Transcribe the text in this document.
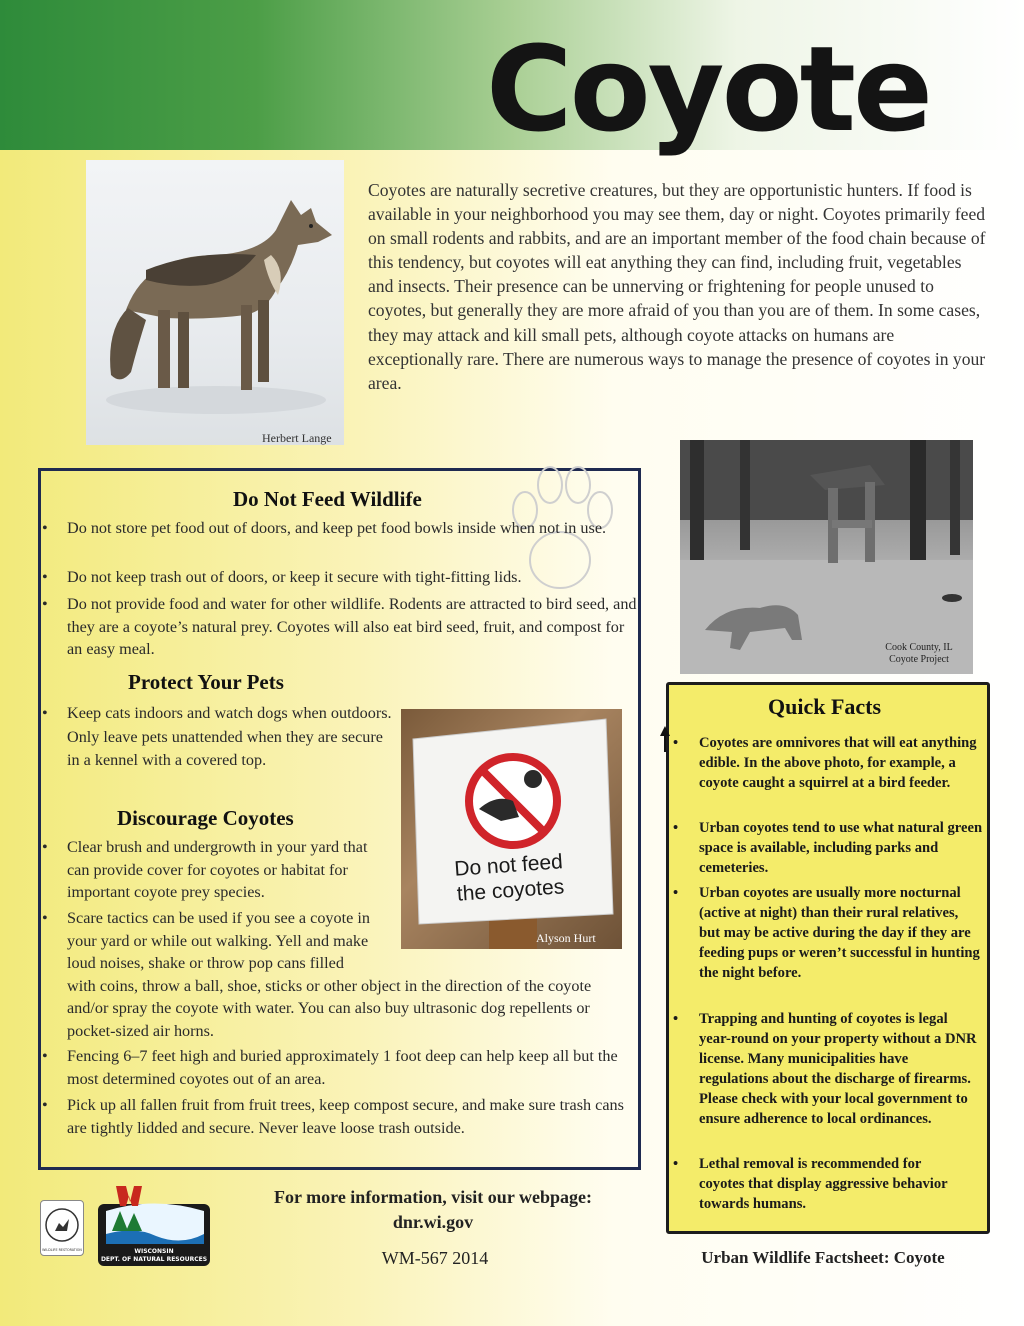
Coyote
Herbert Lange
Coyotes are naturally secretive creatures, but they are opportunistic hunters. If food is available in your neighborhood you may see them, day or night. Coyotes primarily feed on small rodents and rabbits, and are an important member of the food chain because of this tendency, but coyotes will eat anything they can find, including fruit, vegetables and insects. Their presence can be unnerving or frightening for people unused to coyotes, but generally they are more afraid of you than you are of them. In some cases, they may attack and kill small pets, although coyote attacks on humans are exceptionally rare. There are numerous ways to manage the presence of coyotes in your area.
Cook County, IL
Coyote Project
Do Not Feed Wildlife
• Do not store pet food out of doors, and keep pet food bowls inside when not in use.
• Do not keep trash out of doors, or keep it secure with tight-fitting lids.
• Do not provide food and water for other wildlife. Rodents are attracted to bird seed, and they are a coyote’s natural prey. Coyotes will also eat bird seed, fruit, and compost for an easy meal.
Protect Your Pets
• Keep cats indoors and watch dogs when outdoors. Only leave pets unattended when they are secure in a kennel with a covered top.
Do not feed
the coyotes
Alyson Hurt
Discourage Coyotes
• Clear brush and undergrowth in your yard that can provide cover for coyotes or habitat for important coyote prey species.
• Scare tactics can be used if you see a coyote in your yard or while out walking. Yell and make loud noises, shake or throw pop cans filled with coins, throw a ball, shoe, sticks or other object in the direction of the coyote and/or spray the coyote with water. You can also buy ultrasonic dog repellents or pocket-sized air horns.
• Fencing 6–7 feet high and buried approximately 1 foot deep can help keep all but the most determined coyotes out of an area.
• Pick up all fallen fruit from fruit trees, keep compost secure, and make sure trash cans are tightly lidded and secure. Never leave loose trash outside.
Quick Facts
• Coyotes are omnivores that will eat anything edible. In the above photo, for example, a coyote caught a squirrel at a bird feeder.
• Urban coyotes tend to use what natural green space is available, including parks and cemeteries.
• Urban coyotes are usually more nocturnal (active at night) than their rural relatives, but may be active during the day if they are feeding pups or weren’t successful in hunting the night before.
• Trapping and hunting of coyotes is legal year-round on your property without a DNR license. Many municipalities have regulations about the discharge of firearms. Please check with your local government to ensure adherence to local ordinances.
• Lethal removal is recommended for coyotes that display aggressive behavior towards humans.
WILDLIFE RESTORATION	WISCONSIN
DEPT. OF NATURAL RESOURCES
For more information, visit our webpage:
dnr.wi.gov
WM-567 2014	Urban Wildlife Factsheet: Coyote
